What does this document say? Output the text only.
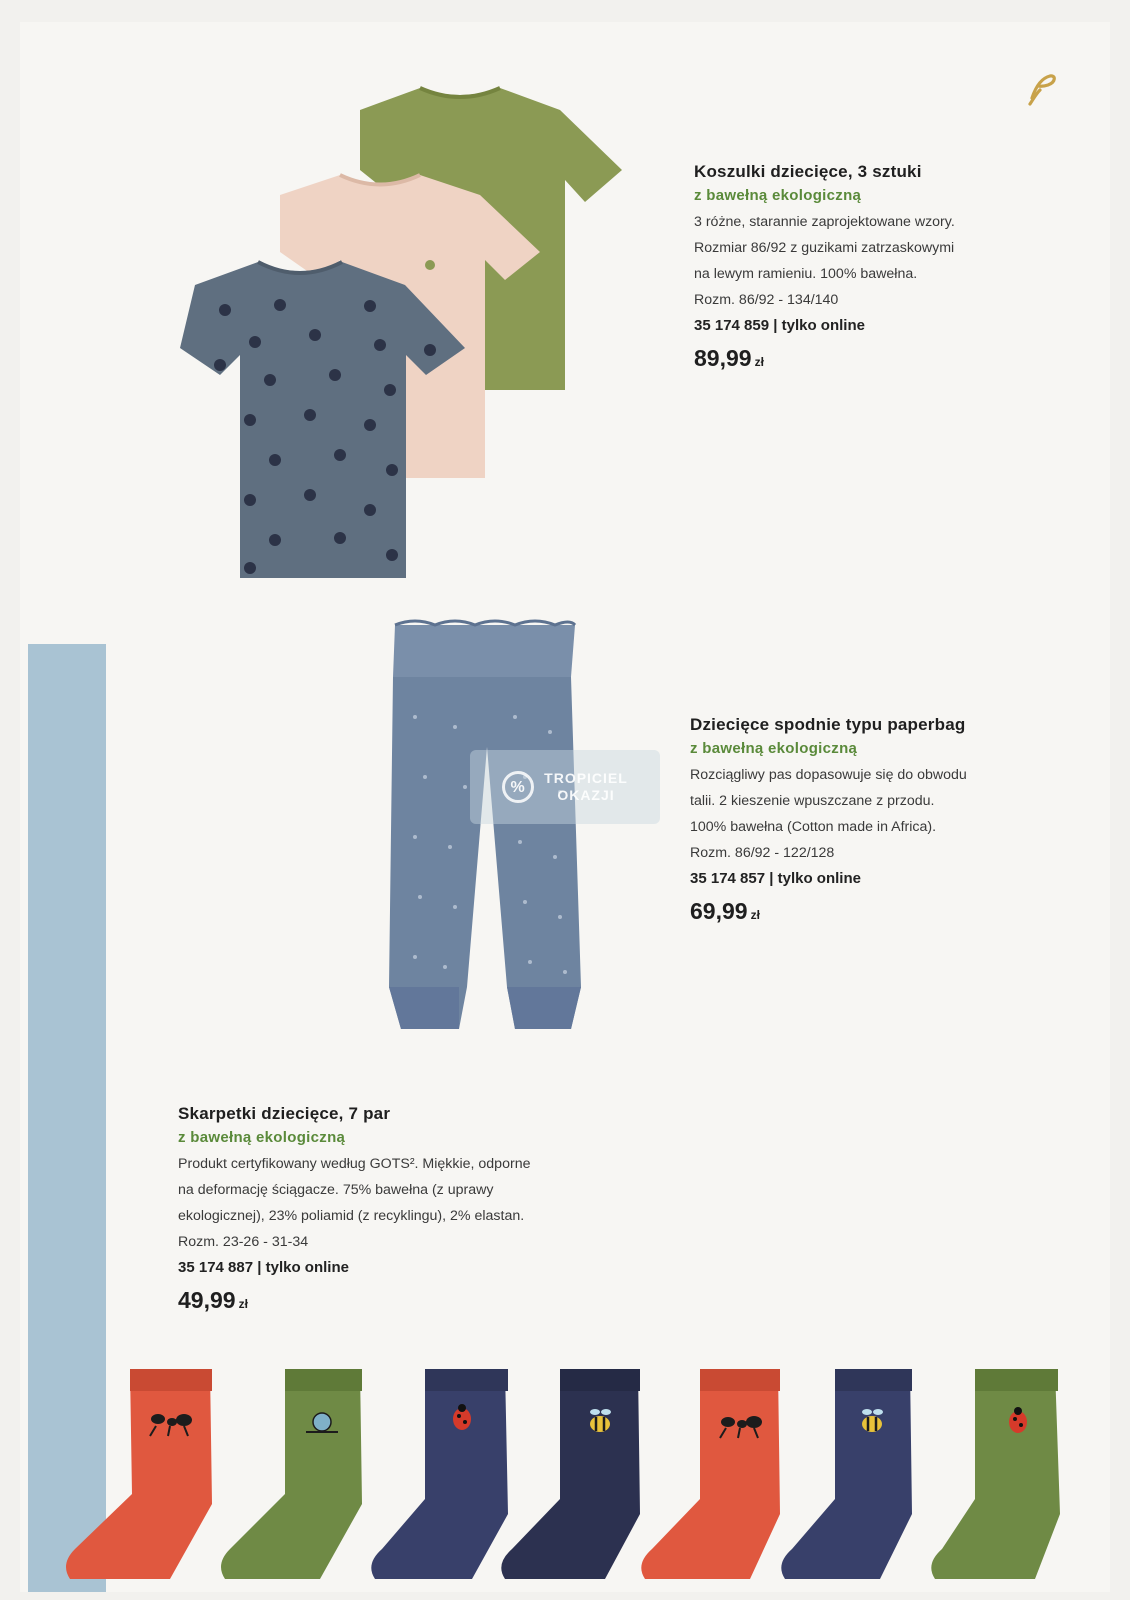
%
TROPICIEL
OKAZJI

Koszulki dziecięce, 3 sztuki

z bawełną ekologiczną

3 różne, starannie zaprojektowane wzory.

Rozmiar 86/92 z guzikami zatrzaskowymi

na lewym ramieniu. 100% bawełna.

Rozm. 86/92 - 134/140

35 174 859 | tylko online

89,99 zł

Dziecięce spodnie typu paperbag

z bawełną ekologiczną

Rozciągliwy pas dopasowuje się do obwodu

talii. 2 kieszenie wpuszczane z przodu.

100% bawełna (Cotton made in Africa).

Rozm. 86/92 - 122/128

35 174 857 | tylko online

69,99 zł

Skarpetki dziecięce, 7 par

z bawełną ekologiczną

Produkt certyfikowany według GOTS². Miękkie, odporne

na deformację ściągacze. 75% bawełna (z uprawy

ekologicznej), 23% poliamid (z recyklingu), 2% elastan.

Rozm. 23-26 - 31-34

35 174 887 | tylko online

49,99 zł
